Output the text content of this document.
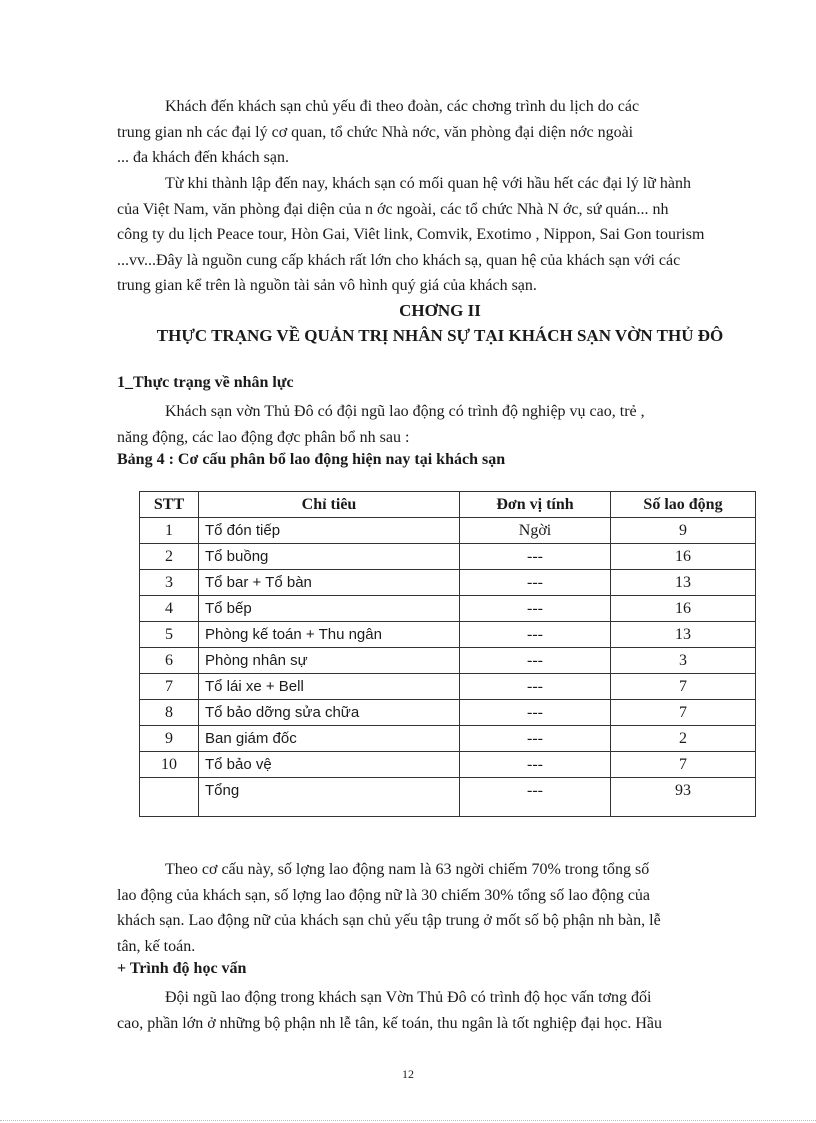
Khách đến khách sạn chủ yếu đi theo đoàn, các chơng trình du lịch do các
trung gian nh các đại lý cơ quan, tổ chức Nhà nớc, văn phòng đại diện nớc ngoài
... đa khách đến khách sạn.

Từ khi thành lập đến nay, khách sạn có mối quan hệ với hầu hết các đại lý lữ hành
của Việt Nam, văn phòng đại diện của n ớc ngoài, các tổ chức Nhà N ớc, sứ quán... nh
công ty du lịch Peace tour, Hòn Gai, Viêt link, Comvik, Exotimo , Nippon, Sai Gon tourism
...vv...Đây là nguồn cung cấp khách rất lớn cho khách sạ, quan hệ của khách sạn với các
trung gian kể trên là nguồn tài sản vô hình quý giá của khách sạn.

CHƠNG II

THỰC TRẠNG VỀ QUẢN TRỊ NHÂN SỰ TẠI KHÁCH SẠN VỜN THỦ ĐÔ

1_Thực trạng về nhân lực

Khách sạn vờn Thủ Đô có đội ngũ lao động có trình độ nghiệp vụ cao, trẻ ,
năng động, các lao động đợc phân bổ nh sau :

Bảng 4 : Cơ cấu phân bổ lao động hiện nay tại khách sạn

STT	Chỉ tiêu	Đơn vị tính	Số lao động
1	Tổ đón tiếp	Ngời	9
2	Tổ buồng	---	16
3	Tổ bar + Tổ bàn	---	13
4	Tổ bếp	---	16
5	Phòng kế toán + Thu ngân	---	13
6	Phòng nhân sự	---	3
7	Tổ lái xe + Bell	---	7
8	Tổ bảo dỡng sửa chữa	---	7
9	Ban giám đốc	---	2
10	Tổ bảo vệ	---	7
	Tổng	---	93

Theo cơ cấu này, số lợng lao động nam là 63 ngời chiếm 70% trong tổng số
lao động của khách sạn, số lợng lao động nữ là 30 chiếm 30% tổng số lao động của
khách sạn. Lao động nữ của khách sạn chủ yếu tập trung ở mốt số bộ phận nh bàn, lễ
tân, kế toán.

+ Trình độ học vấn

Đội ngũ lao động trong khách sạn Vờn Thủ Đô có trình độ học vấn tơng đối
cao, phần lớn ở những bộ phận nh lễ tân, kế toán, thu ngân là tốt nghiệp đại học. Hầu

12
